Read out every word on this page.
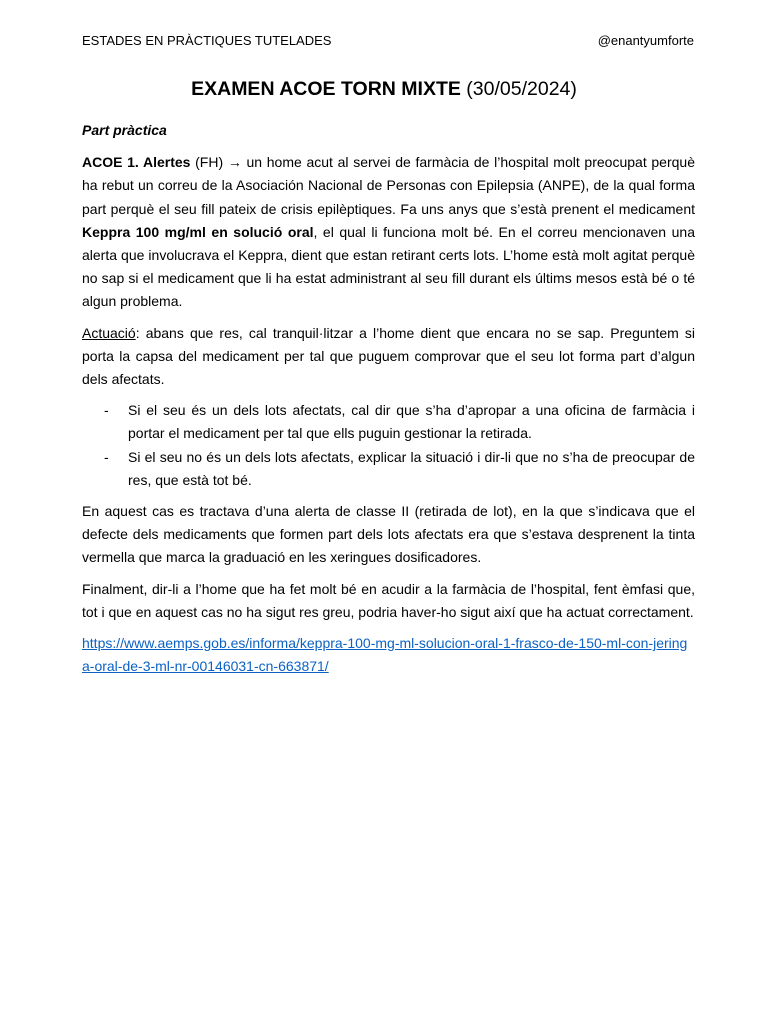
ESTADES EN PRÀCTIQUES TUTELADES	@enantyumforte
EXAMEN ACOE TORN MIXTE (30/05/2024)

Part pràctica

ACOE 1. Alertes (FH) → un home acut al servei de farmàcia de l’hospital molt preocupat perquè ha rebut un correu de la Asociación Nacional de Personas con Epilepsia (ANPE), de la qual forma part perquè el seu fill pateix de crisis epilèptiques. Fa uns anys que s’està prenent el medicament Keppra 100 mg/ml en solució oral, el qual li funciona molt bé. En el correu mencionaven una alerta que involucrava el Keppra, dient que estan retirant certs lots. L’home està molt agitat perquè no sap si el medicament que li ha estat administrant al seu fill durant els últims mesos està bé o té algun problema.

Actuació: abans que res, cal tranquil·litzar a l’home dient que encara no se sap. Preguntem si porta la capsa del medicament per tal que puguem comprovar que el seu lot forma part d’algun dels afectats.

- Si el seu és un dels lots afectats, cal dir que s’ha d’apropar a una oficina de farmàcia i portar el medicament per tal que ells puguin gestionar la retirada.
- Si el seu no és un dels lots afectats, explicar la situació i dir-li que no s’ha de preocupar de res, que està tot bé.

En aquest cas es tractava d’una alerta de classe II (retirada de lot), en la que s’indicava que el defecte dels medicaments que formen part dels lots afectats era que s’estava desprenent la tinta vermella que marca la graduació en les xeringues dosificadores.

Finalment, dir-li a l’home que ha fet molt bé en acudir a la farmàcia de l’hospital, fent èmfasi que, tot i que en aquest cas no ha sigut res greu, podria haver-ho sigut així que ha actuat correctament.

https://www.aemps.gob.es/informa/keppra-100-mg-ml-solucion-oral-1-frasco-de-150-ml-con-jeringa-oral-de-3-ml-nr-00146031-cn-663871/
